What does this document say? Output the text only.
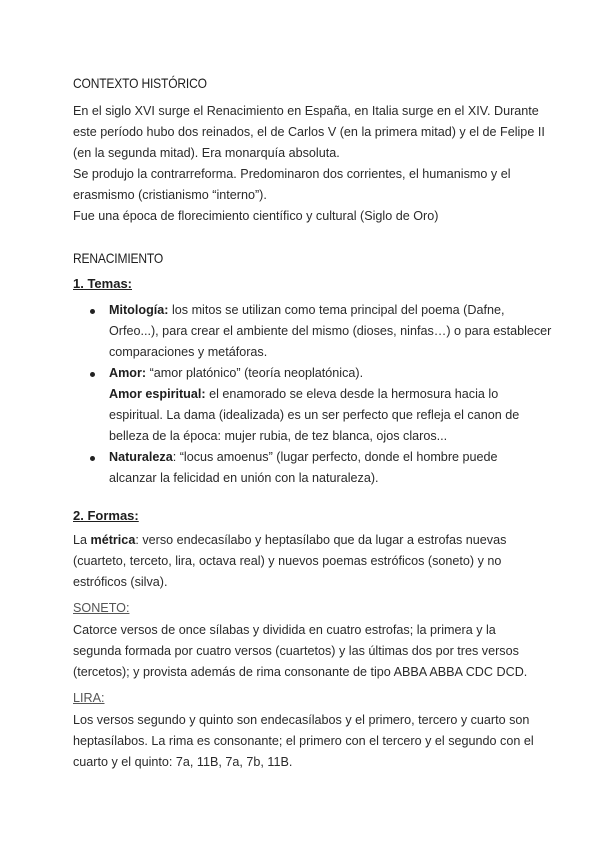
CONTEXTO HISTÓRICO
En el siglo XVI surge el Renacimiento en España, en Italia surge en el XIV. Durante
este período hubo dos reinados, el de Carlos V (en la primera mitad) y el de Felipe II
(en la segunda mitad). Era monarquía absoluta.
Se produjo la contrarreforma. Predominaron dos corrientes, el humanismo y el
erasmismo (cristianismo “interno”).
Fue una época de florecimiento científico y cultural (Siglo de Oro)
RENACIMIENTO
1. Temas:
Mitología: los mitos se utilizan como tema principal del poema (Dafne,
Orfeo...), para crear el ambiente del mismo (dioses, ninfas…) o para establecer
comparaciones y metáforas.
Amor: “amor platónico” (teoría neoplatónica).
Amor espiritual: el enamorado se eleva desde la hermosura hacia lo
espiritual. La dama (idealizada) es un ser perfecto que refleja el canon de
belleza de la época: mujer rubia, de tez blanca, ojos claros...
Naturaleza: “locus amoenus” (lugar perfecto, donde el hombre puede
alcanzar la felicidad en unión con la naturaleza).
2. Formas:
La métrica: verso endecasílabo y heptasílabo que da lugar a estrofas nuevas
(cuarteto, terceto, lira, octava real) y nuevos poemas estróficos (soneto) y no
estróficos (silva).
SONETO:
Catorce versos de once sílabas y dividida en cuatro estrofas; la primera y la
segunda formada por cuatro versos (cuartetos) y las últimas dos por tres versos
(tercetos); y provista además de rima consonante de tipo ABBA ABBA CDC DCD.
LIRA:
Los versos segundo y quinto son endecasílabos y el primero, tercero y cuarto son
heptasílabos. La rima es consonante; el primero con el tercero y el segundo con el
cuarto y el quinto: 7a, 11B, 7a, 7b, 11B.
